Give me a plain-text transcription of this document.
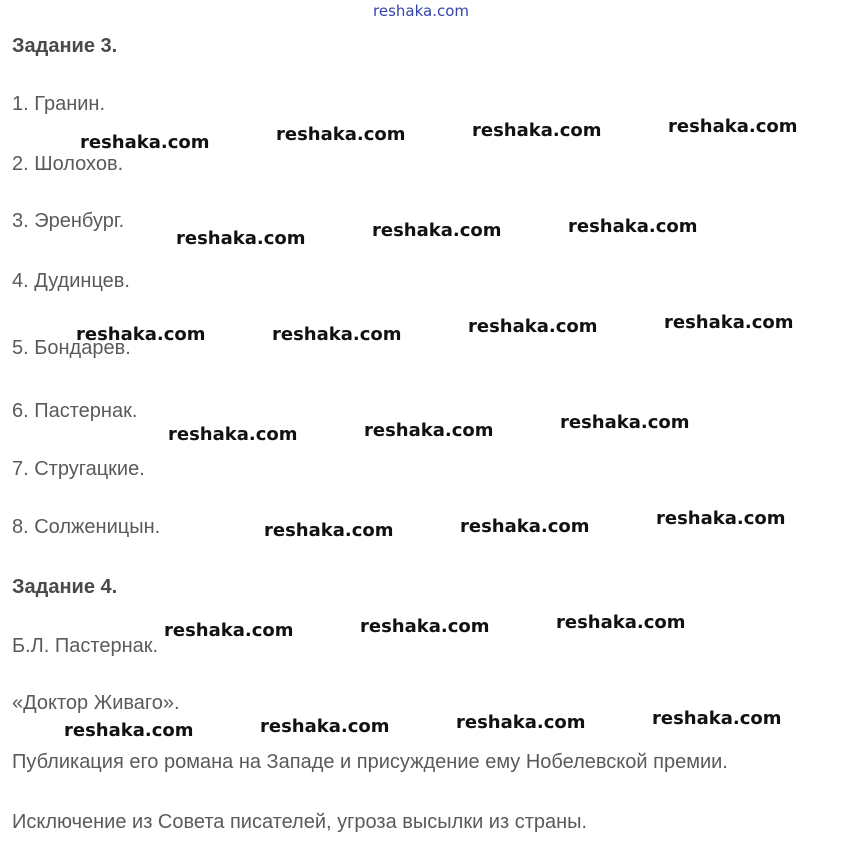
reshaka.com
Задание 3.
1. Гранин.
2. Шолохов.
3. Эренбург.
4. Дудинцев.
5. Бондарев.
6. Пастернак.
7. Стругацкие.
8. Солженицын.
Задание 4.
Б.Л. Пастернак.
«Доктор Живаго».
Публикация его романа на Западе и присуждение ему Нобелевской премии.
Исключение из Совета писателей, угроза высылки из страны.
reshaka.com	reshaka.com	reshaka.com	reshaka.com
reshaka.com	reshaka.com	reshaka.com
reshaka.com	reshaka.com	reshaka.com	reshaka.com
reshaka.com	reshaka.com	reshaka.com
reshaka.com	reshaka.com	reshaka.com
reshaka.com	reshaka.com	reshaka.com
reshaka.com	reshaka.com	reshaka.com	reshaka.com
